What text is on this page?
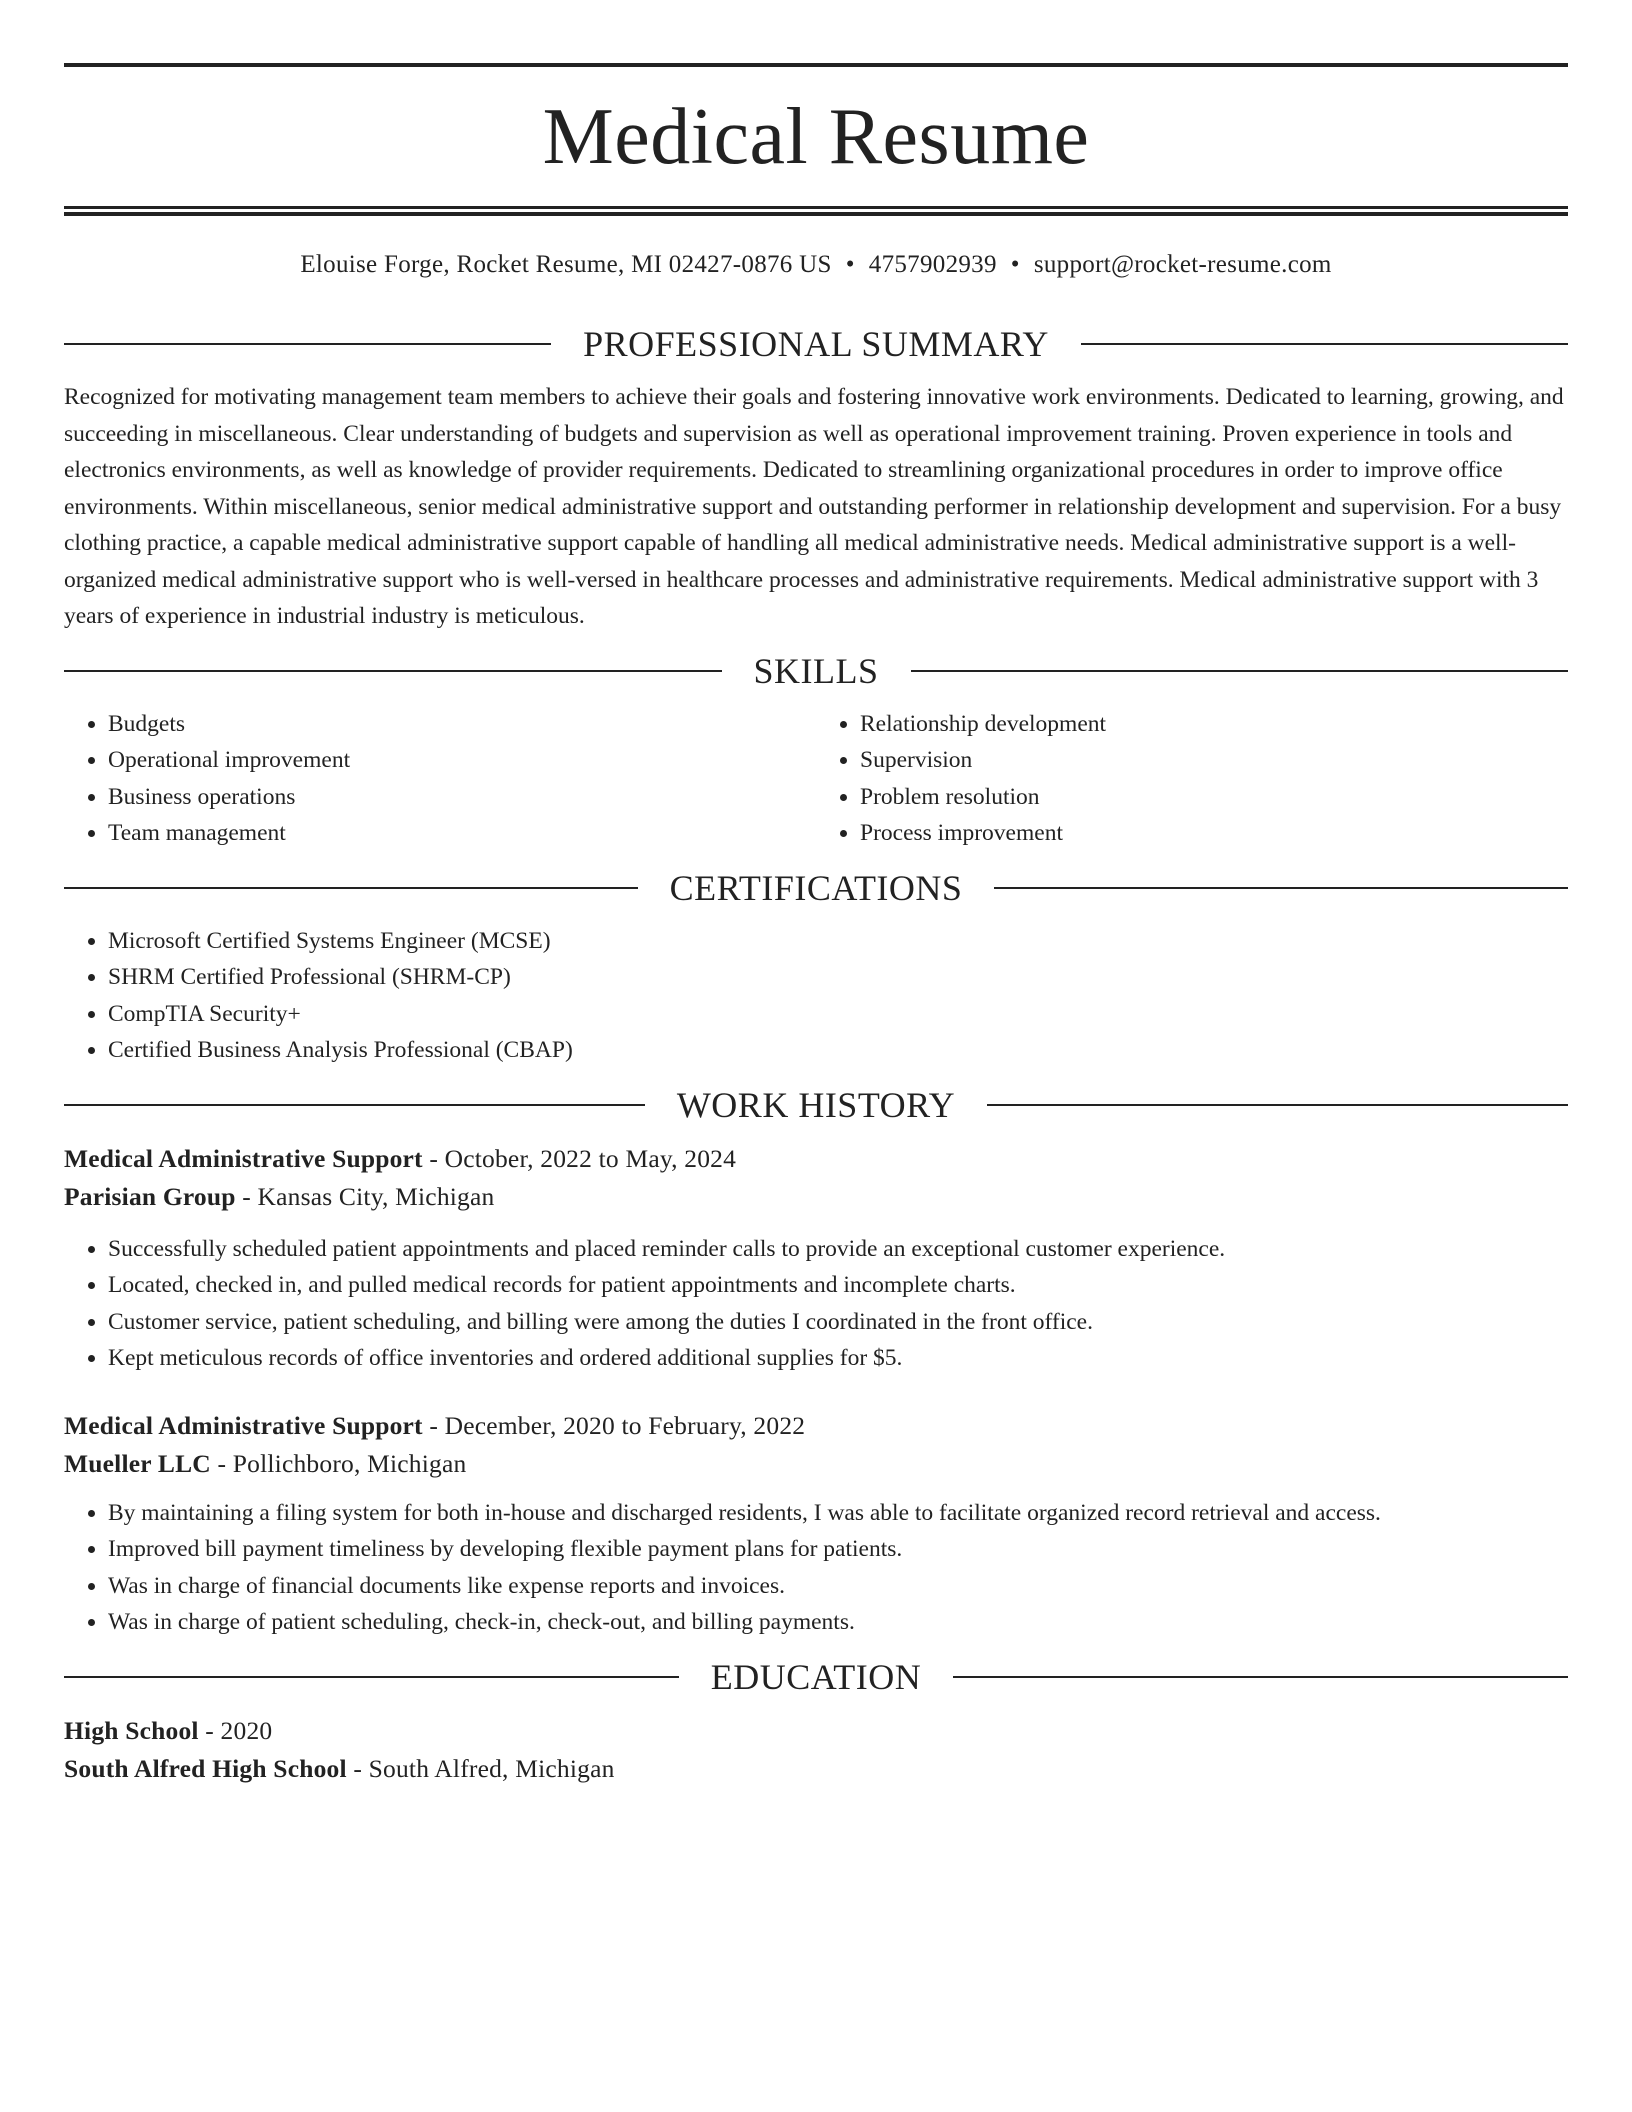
Medical Resume
Elouise Forge, Rocket Resume, MI 02427-0876 US • 4757902939 • support@rocket-resume.com
PROFESSIONAL SUMMARY

Recognized for motivating management team members to achieve their goals and fostering innovative work environments. Dedicated to learning, growing, and succeeding in miscellaneous. Clear understanding of budgets and supervision as well as operational improvement training. Proven experience in tools and electronics environments, as well as knowledge of provider requirements. Dedicated to streamlining organizational procedures in order to improve office environments. Within miscellaneous, senior medical administrative support and outstanding performer in relationship development and supervision. For a busy clothing practice, a capable medical administrative support capable of handling all medical administrative needs. Medical administrative support is a well-organized medical administrative support who is well-versed in healthcare processes and administrative requirements. Medical administrative support with 3 years of experience in industrial industry is meticulous.

SKILLS
• Budgets
• Operational improvement
• Business operations
• Team management
• Relationship development
• Supervision
• Problem resolution
• Process improvement
CERTIFICATIONS
• Microsoft Certified Systems Engineer (MCSE)
• SHRM Certified Professional (SHRM-CP)
• CompTIA Security+
• Certified Business Analysis Professional (CBAP)
WORK HISTORY
Medical Administrative Support - October, 2022 to May, 2024
Parisian Group - Kansas City, Michigan
• Successfully scheduled patient appointments and placed reminder calls to provide an exceptional customer experience.
• Located, checked in, and pulled medical records for patient appointments and incomplete charts.
• Customer service, patient scheduling, and billing were among the duties I coordinated in the front office.
• Kept meticulous records of office inventories and ordered additional supplies for $5.
Medical Administrative Support - December, 2020 to February, 2022
Mueller LLC - Pollichboro, Michigan
• By maintaining a filing system for both in-house and discharged residents, I was able to facilitate organized record retrieval and access.
• Improved bill payment timeliness by developing flexible payment plans for patients.
• Was in charge of financial documents like expense reports and invoices.
• Was in charge of patient scheduling, check-in, check-out, and billing payments.
EDUCATION
High School - 2020
South Alfred High School - South Alfred, Michigan
